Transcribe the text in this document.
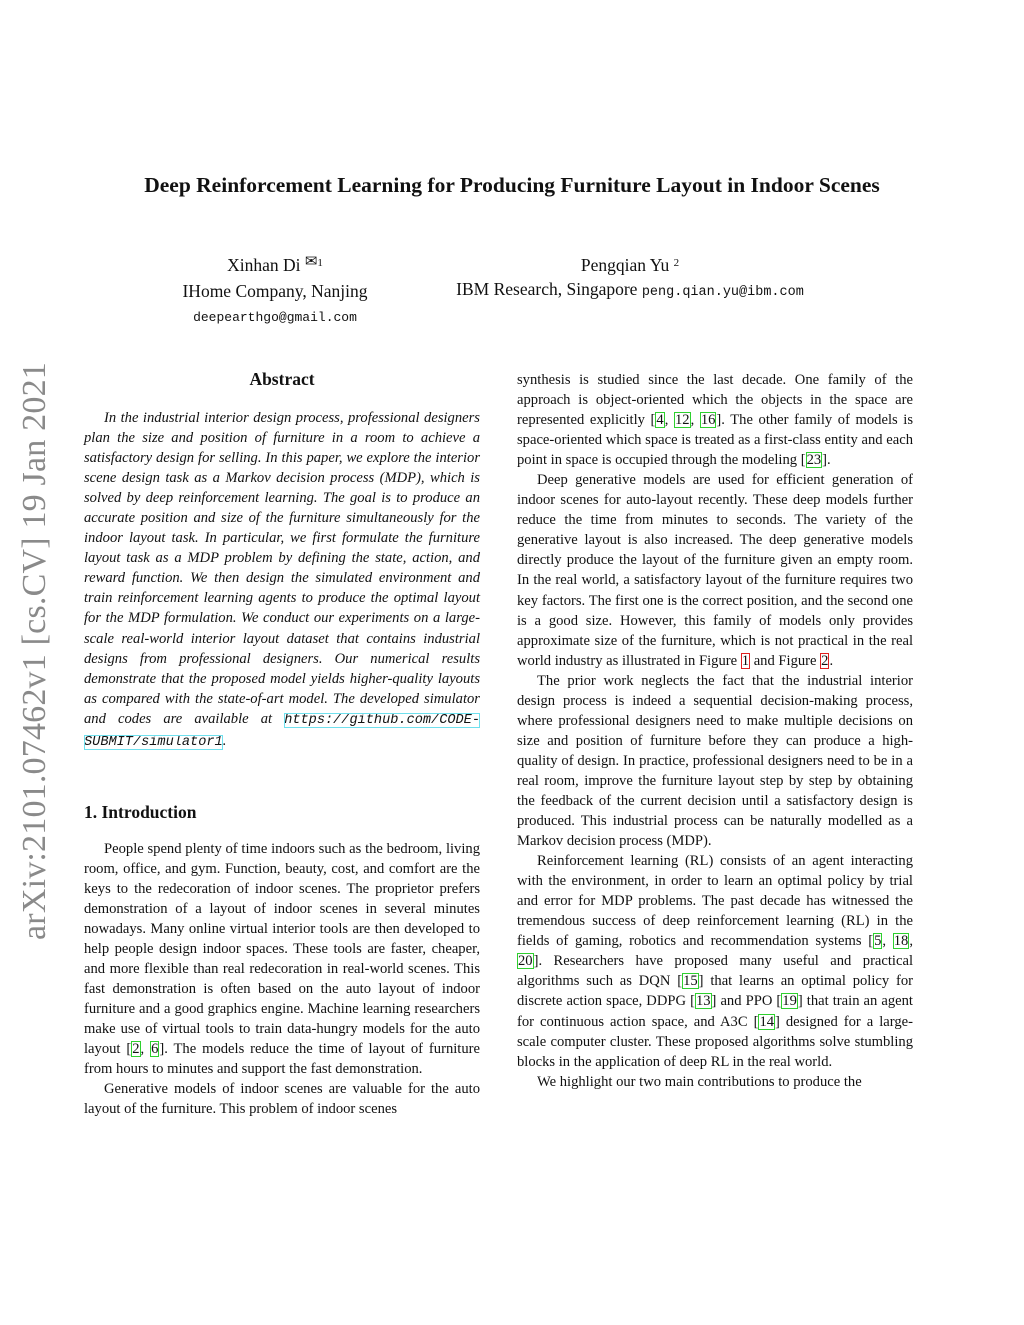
arXiv:2101.07462v1 [cs.CV] 19 Jan 2021
Deep Reinforcement Learning for Producing Furniture Layout in Indoor Scenes
Xinhan Di ✉$^1$
IHome Company, Nanjing
deepearthgo@gmail.com
Pengqian Yu $^2$
IBM Research, Singapore peng.qian.yu@ibm.com
Abstract

In the industrial interior design process, professional designers plan the size and position of furniture in a room to achieve a satisfactory design for selling. In this paper, we explore the interior scene design task as a Markov decision process (MDP), which is solved by deep reinforcement learning. The goal is to produce an accurate position and size of the furniture simultaneously for the indoor layout task. In particular, we first formulate the furniture layout task as a MDP problem by defining the state, action, and reward function. We then design the simulated environment and train reinforcement learning agents to produce the optimal layout for the MDP formulation. We conduct our experiments on a large-scale real-world interior layout dataset that contains industrial designs from professional designers. Our numerical results demonstrate that the proposed model yields higher-quality layouts as compared with the state-of-art model. The developed simulator and codes are available at https://github.com/CODE-SUBMIT/simulator1.

1. Introduction

People spend plenty of time indoors such as the bedroom, living room, office, and gym. Function, beauty, cost, and comfort are the keys to the redecoration of indoor scenes. The proprietor prefers demonstration of a layout of indoor scenes in several minutes nowadays. Many online virtual interior tools are then developed to help people design indoor spaces. These tools are faster, cheaper, and more flexible than real redecoration in real-world scenes. This fast demonstration is often based on the auto layout of indoor furniture and a good graphics engine. Machine learning researchers make use of virtual tools to train data-hungry models for the auto layout [2, 6]. The models reduce the time of layout of furniture from hours to minutes and support the fast demonstration.

Generative models of indoor scenes are valuable for the auto layout of the furniture. This problem of indoor scenes

synthesis is studied since the last decade. One family of the approach is object-oriented which the objects in the space are represented explicitly [4, 12, 16]. The other family of models is space-oriented which space is treated as a first-class entity and each point in space is occupied through the modeling [23].

Deep generative models are used for efficient generation of indoor scenes for auto-layout recently. These deep models further reduce the time from minutes to seconds. The variety of the generative layout is also increased. The deep generative models directly produce the layout of the furniture given an empty room. In the real world, a satisfactory layout of the furniture requires two key factors. The first one is the correct position, and the second one is a good size. However, this family of models only provides approximate size of the furniture, which is not practical in the real world industry as illustrated in Figure 1 and Figure 2.

The prior work neglects the fact that the industrial interior design process is indeed a sequential decision-making process, where professional designers need to make multiple decisions on size and position of furniture before they can produce a high-quality of design. In practice, professional designers need to be in a real room, improve the furniture layout step by step by obtaining the feedback of the current decision until a satisfactory design is produced. This industrial process can be naturally modelled as a Markov decision process (MDP).

Reinforcement learning (RL) consists of an agent interacting with the environment, in order to learn an optimal policy by trial and error for MDP problems. The past decade has witnessed the tremendous success of deep reinforcement learning (RL) in the fields of gaming, robotics and recommendation systems [5, 18, 20]. Researchers have proposed many useful and practical algorithms such as DQN [15] that learns an optimal policy for discrete action space, DDPG [13] and PPO [19] that train an agent for continuous action space, and A3C [14] designed for a large-scale computer cluster. These proposed algorithms solve stumbling blocks in the application of deep RL in the real world.

We highlight our two main contributions to produce the
